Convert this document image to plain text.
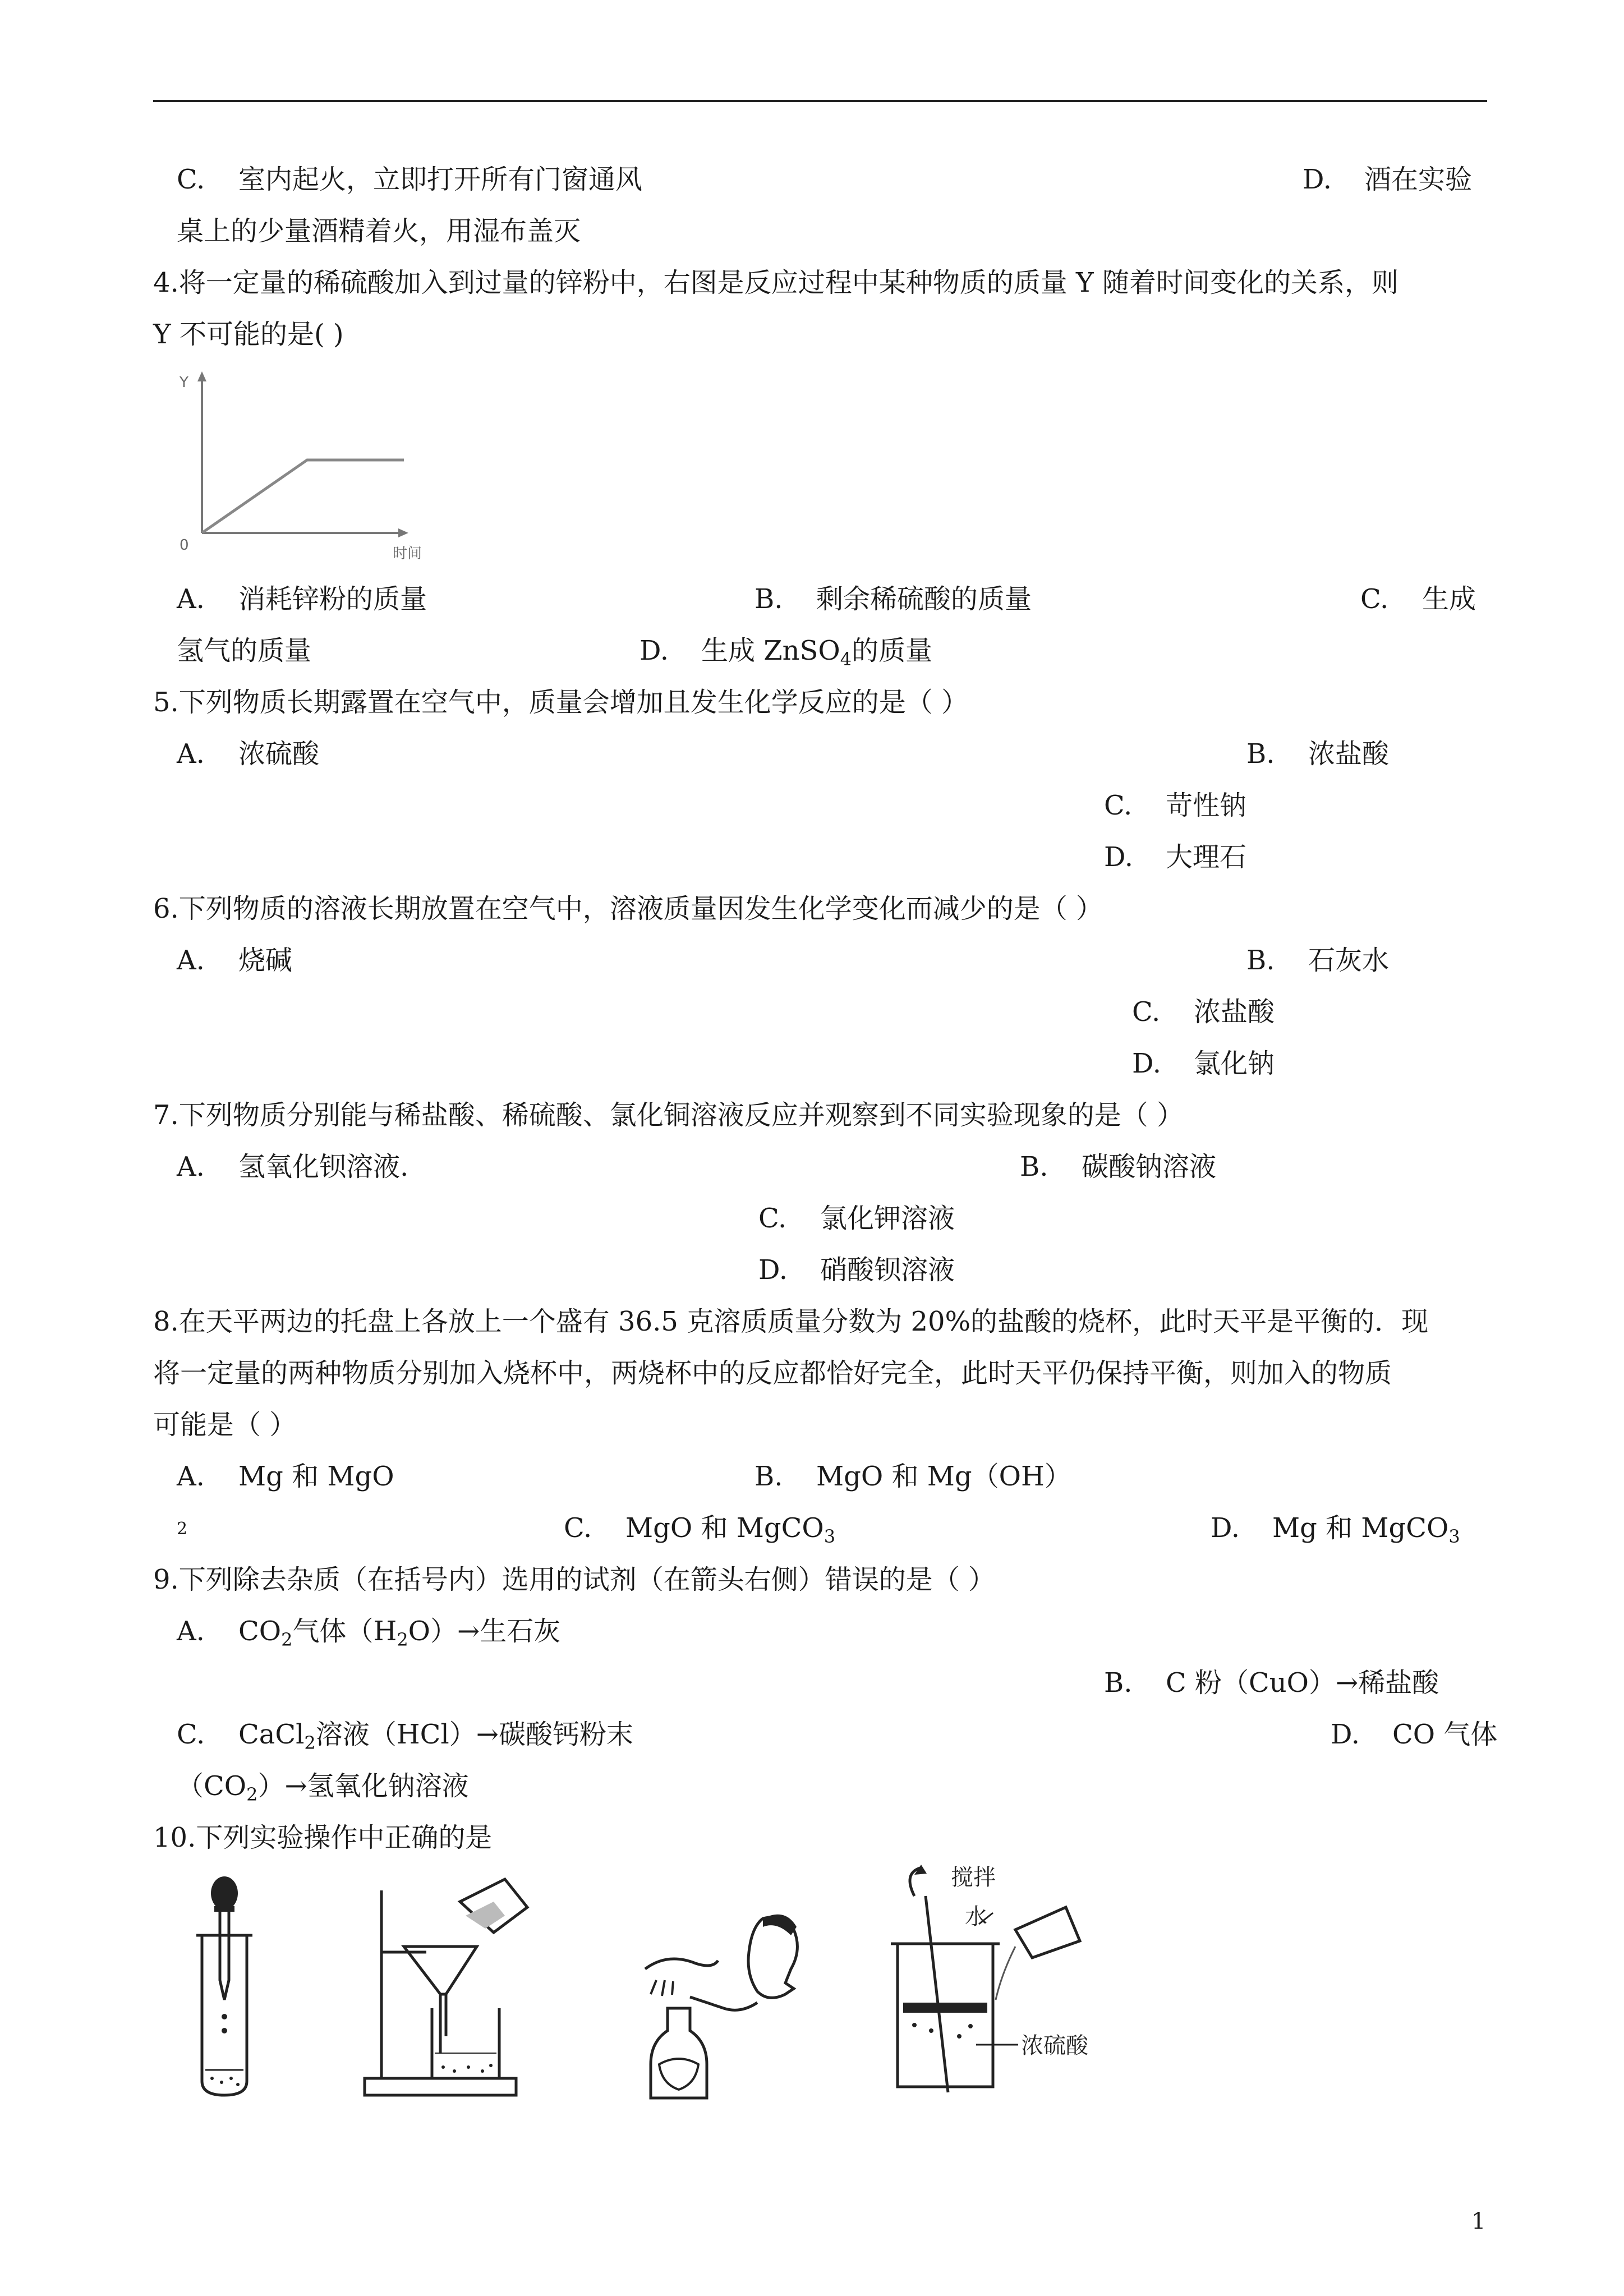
C. 室内起火，立即打开所有门窗通风	D. 酒在实验
桌上的少量酒精着火，用湿布盖灭
4.将一定量的稀硫酸加入到过量的锌粉中，右图是反应过程中某种物质的质量 Y 随着时间变化的关系，则
Y 不可能的是( )
Y
0	时间
A. 消耗锌粉的质量	B. 剩余稀硫酸的质量	C. 生成
氢气的质量	D. 生成 ZnSO$_4$的质量
5.下列物质长期露置在空气中，质量会增加且发生化学反应的是（ ）
A. 浓硫酸	B. 浓盐酸
C. 苛性钠
D. 大理石
6.下列物质的溶液长期放置在空气中，溶液质量因发生化学变化而减少的是（ ）
A. 烧碱	B. 石灰水
C. 浓盐酸
D. 氯化钠
7.下列物质分别能与稀盐酸、稀硫酸、氯化铜溶液反应并观察到不同实验现象的是（ ）
A. 氢氧化钡溶液.	B. 碳酸钠溶液
C. 氯化钾溶液
D. 硝酸钡溶液
8.在天平两边的托盘上各放上一个盛有 36.5 克溶质质量分数为 20%的盐酸的烧杯，此时天平是平衡的．现
将一定量的两种物质分别加入烧杯中，两烧杯中的反应都恰好完全，此时天平仍保持平衡，则加入的物质
可能是（ ）
A. Mg 和 MgO	B. MgO 和 Mg（OH）
2	C. MgO 和 MgCO$_3$	D. Mg 和 MgCO$_3$
9.下列除去杂质（在括号内）选用的试剂（在箭头右侧）错误的是（ ）
A. $CO_2$气体$(H_2O)\to$生石灰
B. C 粉（CuO）→稀盐酸
C. CaCl$_2$溶液（HCl）→碳酸钙粉末	D. CO 气体
$(CO_2)\to$氢氧化钠溶液
10.下列实验操作中正确的是
搅拌
水
浓硫酸
1
